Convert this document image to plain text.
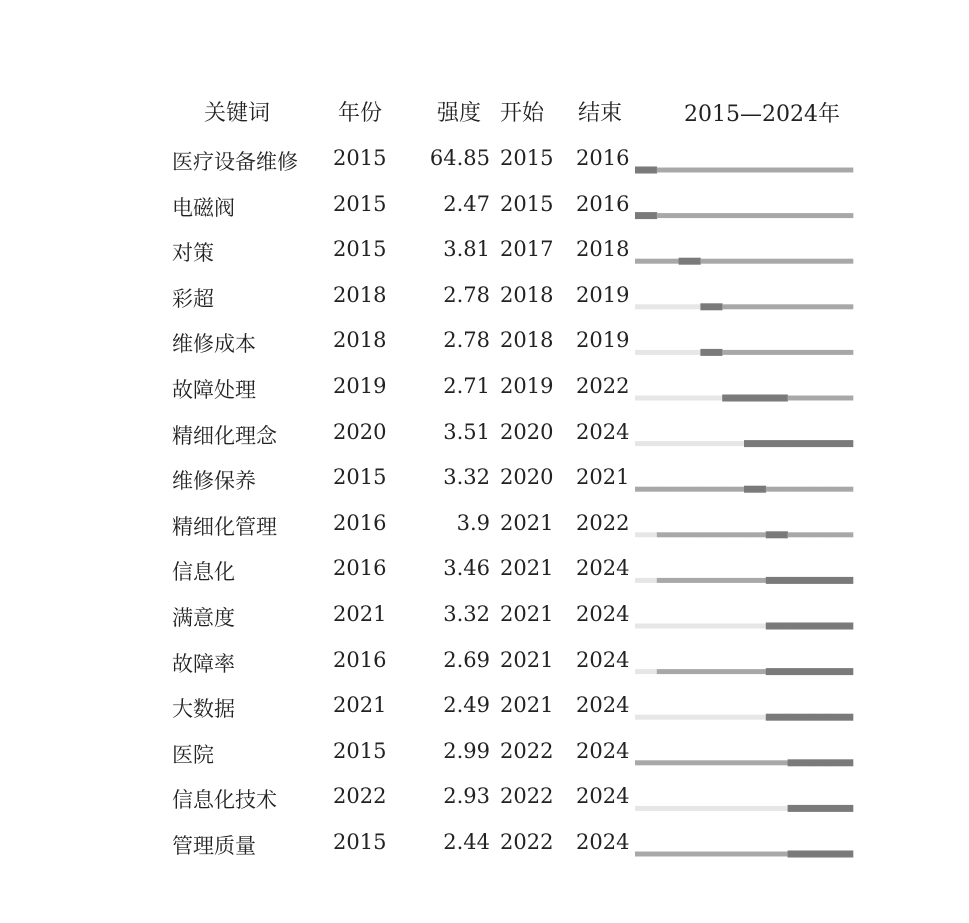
关键词	年份 强度 开始 结束	2015—2024年
医疗设备维修 2015	64.85 2015 2016
电磁阀	2015	2.47 2015 2016
对策	2015	3.81 2017 2018
彩超	2018	2.78 2018 2019
维修成本	2018	2.78 2018 2019
故障处理	2019	2.71 2019 2022
精细化理念	2020	3.51 2020 2024
维修保养	2015	3.32 2020 2021
精细化管理	2016	3.9 2021 2022
信息化	2016	3.46 2021 2024
满意度	2021	3.32 2021 2024
故障率	2016	2.69 2021 2024
大数据	2021	2.49 2021 2024
医院	2015	2.99 2022 2024
信息化技术	2022	2.93 2022 2024
管理质量	2015	2.44 2022 2024
